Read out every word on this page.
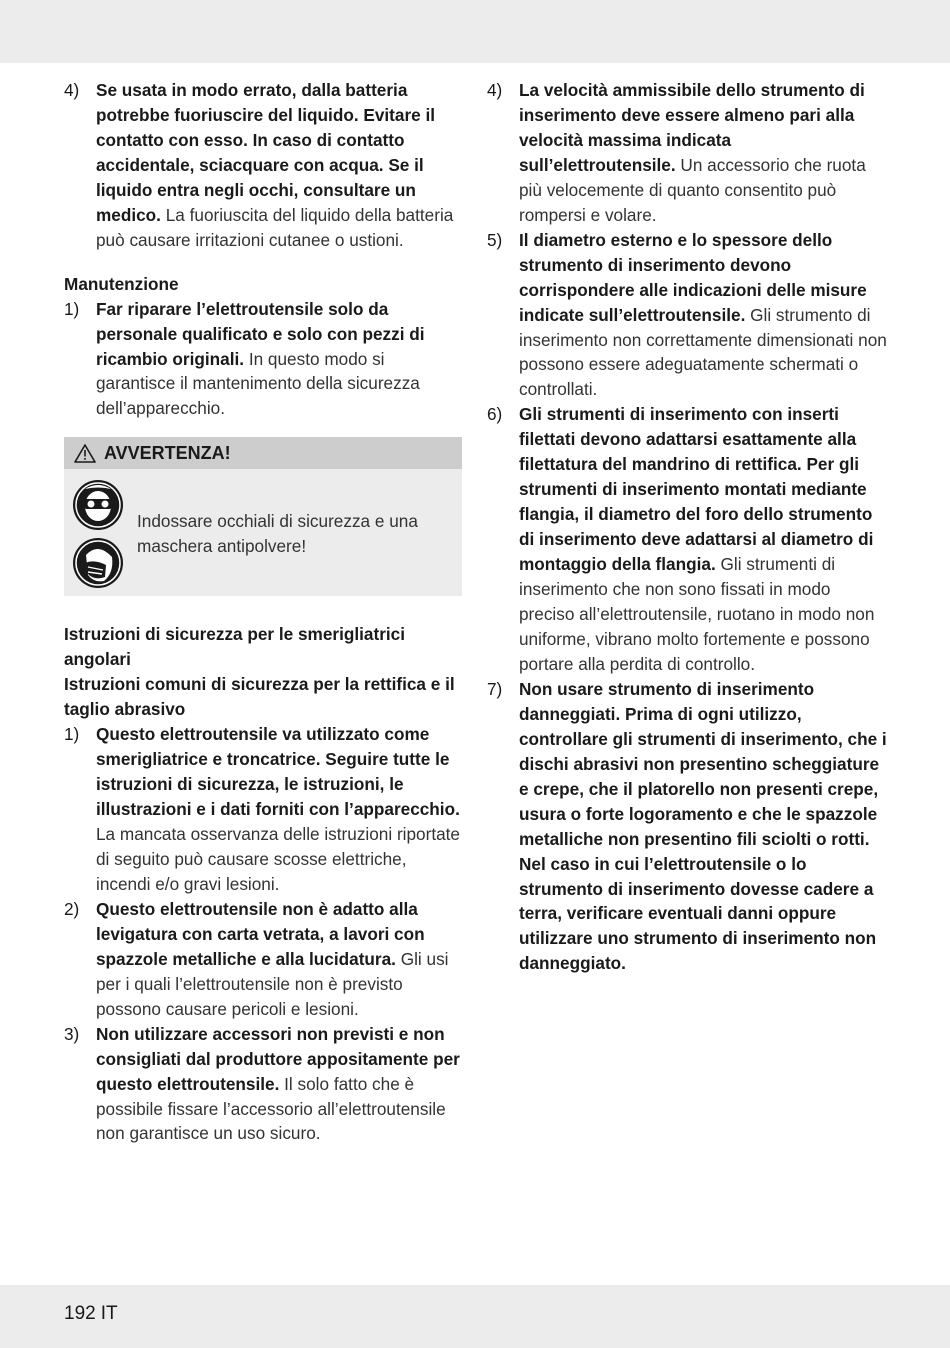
4) Se usata in modo errato, dalla batteria potrebbe fuoriuscire del liquido. Evitare il contatto con esso. In caso di contatto accidentale, sciacquare con acqua. Se il liquido entra negli occhi, consultare un medico. La fuoriuscita del liquido della batteria può causare irritazioni cutanee o ustioni.
Manutenzione
1) Far riparare l’elettroutensile solo da personale qualificato e solo con pezzi di ricambio originali. In questo modo si garantisce il mantenimento della sicurezza dell’apparecchio.
AVVERTENZA!
Indossare occhiali di sicurezza e una maschera antipolvere!
Istruzioni di sicurezza per le smerigliatrici angolari
Istruzioni comuni di sicurezza per la rettifica e il taglio abrasivo
1) Questo elettroutensile va utilizzato come smerigliatrice e troncatrice. Seguire tutte le istruzioni di sicurezza, le istruzioni, le illustrazioni e i dati forniti con l’apparecchio. La mancata osservanza delle istruzioni riportate di seguito può causare scosse elettriche, incendi e/o gravi lesioni.
2) Questo elettroutensile non è adatto alla levigatura con carta vetrata, a lavori con spazzole metalliche e alla lucidatura. Gli usi per i quali l’elettroutensile non è previsto possono causare pericoli e lesioni.
3) Non utilizzare accessori non previsti e non consigliati dal produttore appositamente per questo elettroutensile. Il solo fatto che è possibile fissare l’accessorio all’elettroutensile non garantisce un uso sicuro.
4) La velocità ammissibile dello strumento di inserimento deve essere almeno pari alla velocità massima indicata sull’elettroutensile. Un accessorio che ruota più velocemente di quanto consentito può rompersi e volare.
5) Il diametro esterno e lo spessore dello strumento di inserimento devono corrispondere alle indicazioni delle misure indicate sull’elettroutensile. Gli strumento di inserimento non correttamente dimensionati non possono essere adeguatamente schermati o controllati.
6) Gli strumenti di inserimento con inserti filettati devono adattarsi esattamente alla filettatura del mandrino di rettifica. Per gli strumenti di inserimento montati mediante flangia, il diametro del foro dello strumento di inserimento deve adattarsi al diametro di montaggio della flangia. Gli strumenti di inserimento che non sono fissati in modo preciso all’elettroutensile, ruotano in modo non uniforme, vibrano molto fortemente e possono portare alla perdita di controllo.
7) Non usare strumento di inserimento danneggiati. Prima di ogni utilizzo, controllare gli strumenti di inserimento, che i dischi abrasivi non presentino scheggiature e crepe, che il platorello non presenti crepe, usura o forte logoramento e che le spazzole metalliche non presentino fili sciolti o rotti. Nel caso in cui l’elettroutensile o lo strumento di inserimento dovesse cadere a terra, verificare eventuali danni oppure utilizzare uno strumento di inserimento non danneggiato.
192 IT
